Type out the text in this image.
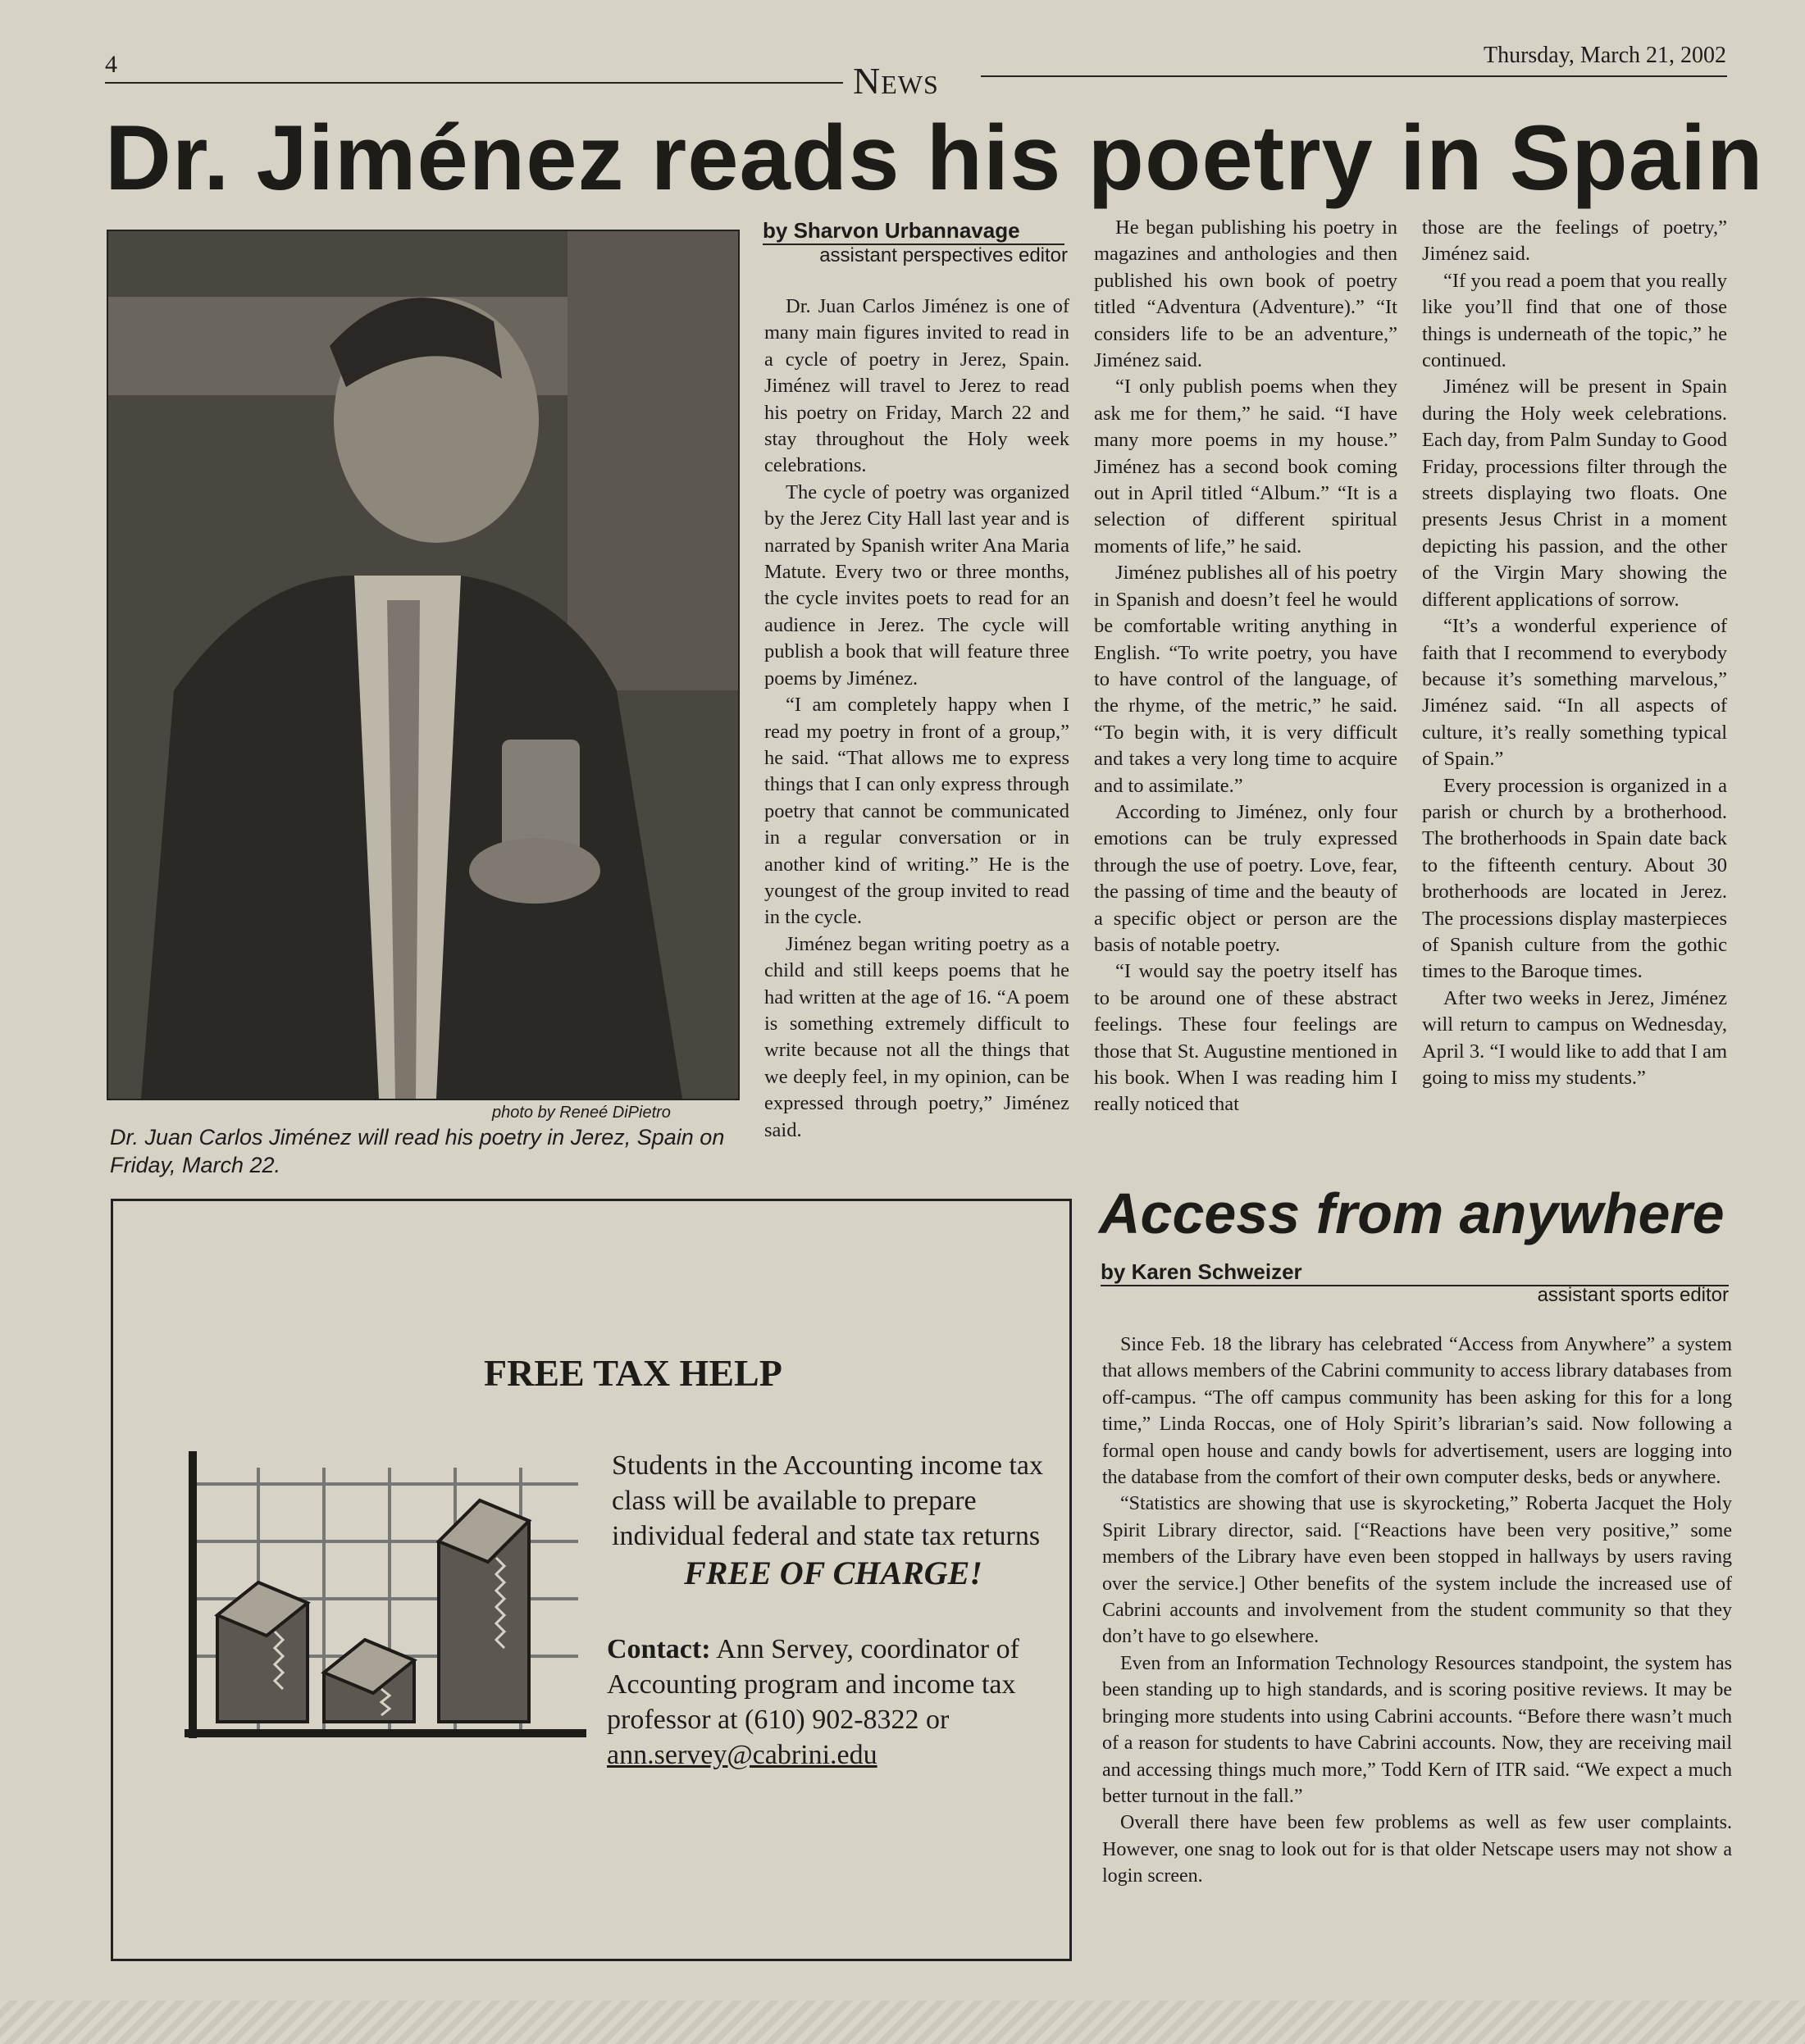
4	News
Thursday, March 21, 2002
Dr. Jiménez reads his poetry in Spain
photo by Reneé DiPietro
Dr. Juan Carlos Jiménez will read his poetry in Jerez, Spain on Friday, March 22.
by Sharvon Urbannavage
assistant perspectives editor

Dr. Juan Carlos Jiménez is one of many main figures invited to read in a cycle of poetry in Jerez, Spain. Jiménez will travel to Jerez to read his poetry on Friday, March 22 and stay throughout the Holy week celebrations.

The cycle of poetry was organized by the Jerez City Hall last year and is narrated by Spanish writer Ana Maria Matute. Every two or three months, the cycle invites poets to read for an audience in Jerez. The cycle will publish a book that will feature three poems by Jiménez.

“I am completely happy when I read my poetry in front of a group,” he said. “That allows me to express things that I can only express through poetry that cannot be communicated in a regular conversation or in another kind of writing.” He is the youngest of the group invited to read in the cycle.

Jiménez began writing poetry as a child and still keeps poems that he had written at the age of 16. “A poem is something extremely difficult to write because not all the things that we deeply feel, in my opinion, can be expressed through poetry,” Jiménez said.

He began publishing his poetry in magazines and anthologies and then published his own book of poetry titled “Adventura (Adventure).” “It considers life to be an adventure,” Jiménez said.

“I only publish poems when they ask me for them,” he said. “I have many more poems in my house.” Jiménez has a second book coming out in April titled “Album.” “It is a selection of different spiritual moments of life,” he said.

Jiménez publishes all of his poetry in Spanish and doesn’t feel he would be comfortable writing anything in English. “To write poetry, you have to have control of the language, of the rhyme, of the metric,” he said. “To begin with, it is very difficult and takes a very long time to acquire and to assimilate.”

According to Jiménez, only four emotions can be truly expressed through the use of poetry. Love, fear, the passing of time and the beauty of a specific object or person are the basis of notable poetry.

“I would say the poetry itself has to be around one of these abstract feelings. These four feelings are those that St. Augustine mentioned in his book. When I was reading him I really noticed that

those are the feelings of poetry,” Jiménez said.

“If you read a poem that you really like you’ll find that one of those things is underneath of the topic,” he continued.

Jiménez will be present in Spain during the Holy week celebrations. Each day, from Palm Sunday to Good Friday, processions filter through the streets displaying two floats. One presents Jesus Christ in a moment depicting his passion, and the other of the Virgin Mary showing the different applications of sorrow.

“It’s a wonderful experience of faith that I recommend to everybody because it’s something marvelous,” Jiménez said. “In all aspects of culture, it’s really something typical of Spain.”

Every procession is organized in a parish or church by a brotherhood. The brotherhoods in Spain date back to the fifteenth century. About 30 brotherhoods are located in Jerez. The processions display masterpieces of Spanish culture from the gothic times to the Baroque times.

After two weeks in Jerez, Jiménez will return to campus on Wednesday, April 3. “I would like to add that I am going to miss my students.”

FREE TAX HELP
Students in the Accounting income tax class will be available to prepare individual federal and state tax returns
FREE OF CHARGE!
Contact: Ann Servey, coordinator of Accounting program and income tax professor at (610) 902-8322 or
ann.servey@cabrini.edu
Access from anywhere
by Karen Schweizer
assistant sports editor

Since Feb. 18 the library has celebrated “Access from Anywhere” a system that allows members of the Cabrini community to access library databases from off-campus. “The off campus community has been asking for this for a long time,” Linda Roccas, one of Holy Spirit’s librarian’s said. Now following a formal open house and candy bowls for advertisement, users are logging into the database from the comfort of their own computer desks, beds or anywhere.

“Statistics are showing that use is skyrocketing,” Roberta Jacquet the Holy Spirit Library director, said. [“Reactions have been very positive,” some members of the Library have even been stopped in hallways by users raving over the service.] Other benefits of the system include the increased use of Cabrini accounts and involvement from the student community so that they don’t have to go elsewhere.

Even from an Information Technology Resources standpoint, the system has been standing up to high standards, and is scoring positive reviews. It may be bringing more students into using Cabrini accounts. “Before there wasn’t much of a reason for students to have Cabrini accounts. Now, they are receiving mail and accessing things much more,” Todd Kern of ITR said. “We expect a much better turnout in the fall.”

Overall there have been few problems as well as few user complaints. However, one snag to look out for is that older Netscape users may not show a login screen.
